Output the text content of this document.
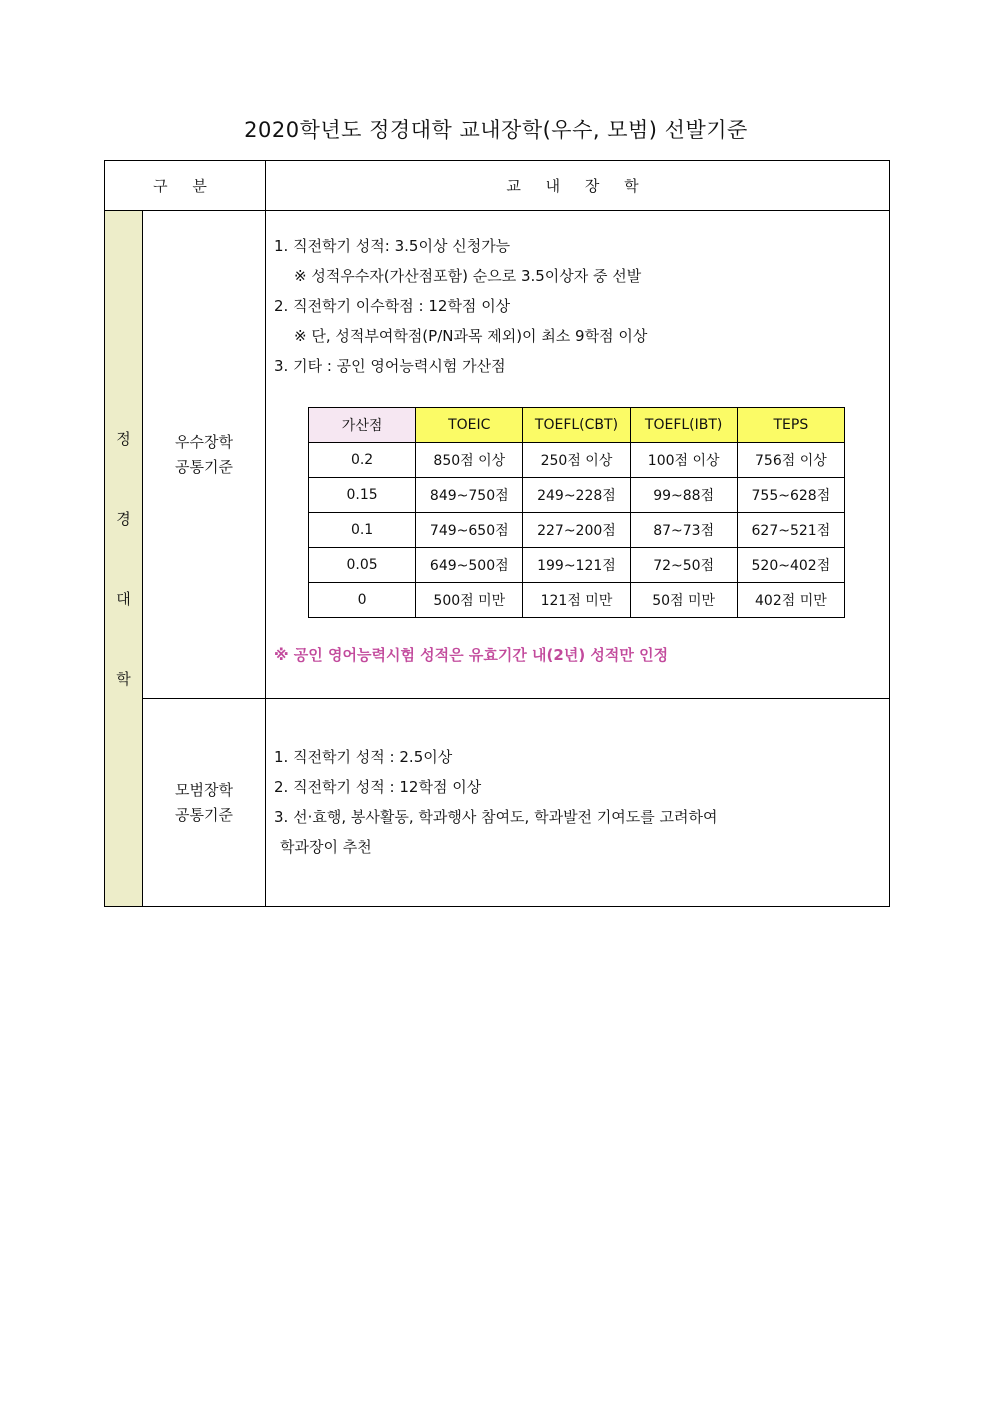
2020학년도 정경대학 교내장학(우수, 모범) 선발기준
구 분	교 내 장 학

정
경
대
학

우수장학
공통기준

1. 직전학기 성적: 3.5이상 신청가능
※ 성적우수자(가산점포함) 순으로 3.5이상자 중 선발
2. 직전학기 이수학점 : 12학점 이상
※ 단, 성적부여학점(P/N과목 제외)이 최소 9학점 이상
3. 기타 : 공인 영어능력시험 가산점
가산점	TOEIC	TOEFL(CBT)	TOEFL(IBT)	TEPS
0.2	850점 이상	250점 이상	100점 이상	756점 이상
0.15	849~750점	249~228점	99~88점	755~628점
0.1	749~650점	227~200점	87~73점	627~521점
0.05	649~500점	199~121점	72~50점	520~402점
0	500점 미만	121점 미만	50점 미만	402점 미만
※ 공인 영어능력시험 성적은 유효기간 내(2년) 성적만 인정

모범장학
공통기준

1. 직전학기 성적 : 2.5이상
2. 직전학기 성적 : 12학점 이상
3. 선·효행, 봉사활동, 학과행사 참여도, 학과발전 기여도를 고려하여
학과장이 추천
